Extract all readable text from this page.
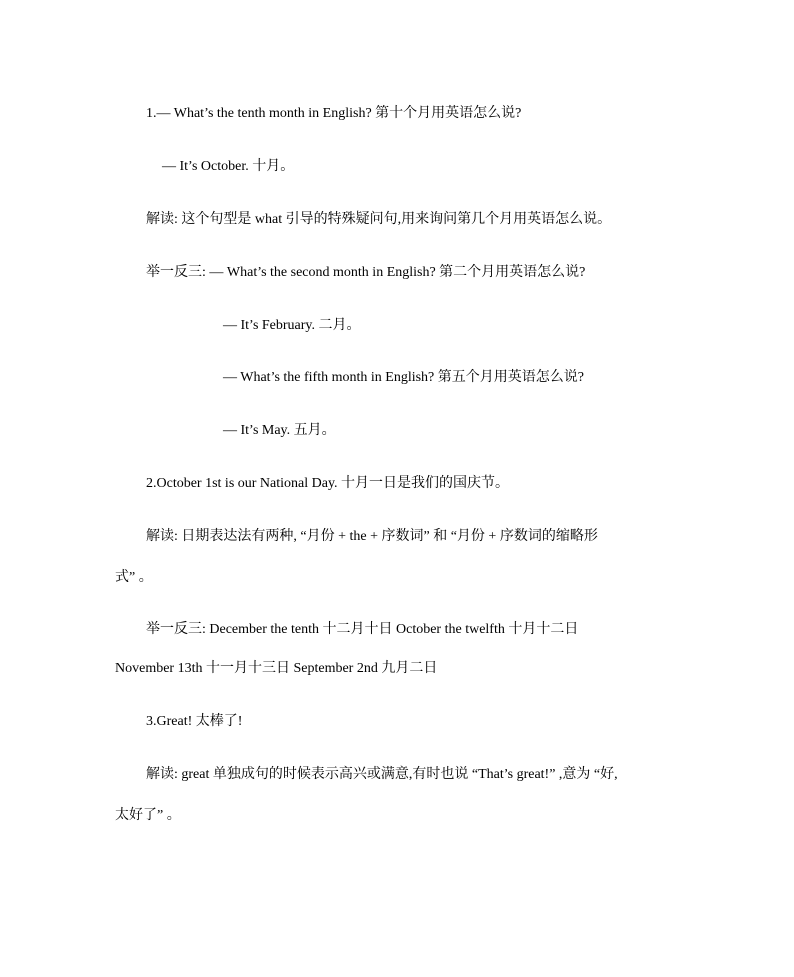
1.— What’s the tenth month in English? 第十个月用英语怎么说?
— It’s October. 十月。
解读: 这个句型是 what 引导的特殊疑问句,用来询问第几个月用英语怎么说。
举一反三: — What’s the second month in English? 第二个月用英语怎么说?
— It’s February. 二月。
— What’s the fifth month in English? 第五个月用英语怎么说?
— It’s May. 五月。
2.October 1st is our National Day. 十月一日是我们的国庆节。
解读: 日期表达法有两种, “月份 + the + 序数词” 和 “月份 + 序数词的缩略形
式” 。
举一反三: December the tenth 十二月十日 October the twelfth 十月十二日
November 13th 十一月十三日 September 2nd 九月二日
3.Great! 太棒了!
解读: great 单独成句的时候表示高兴或满意,有时也说 “That’s great!” ,意为 “好,
太好了” 。
